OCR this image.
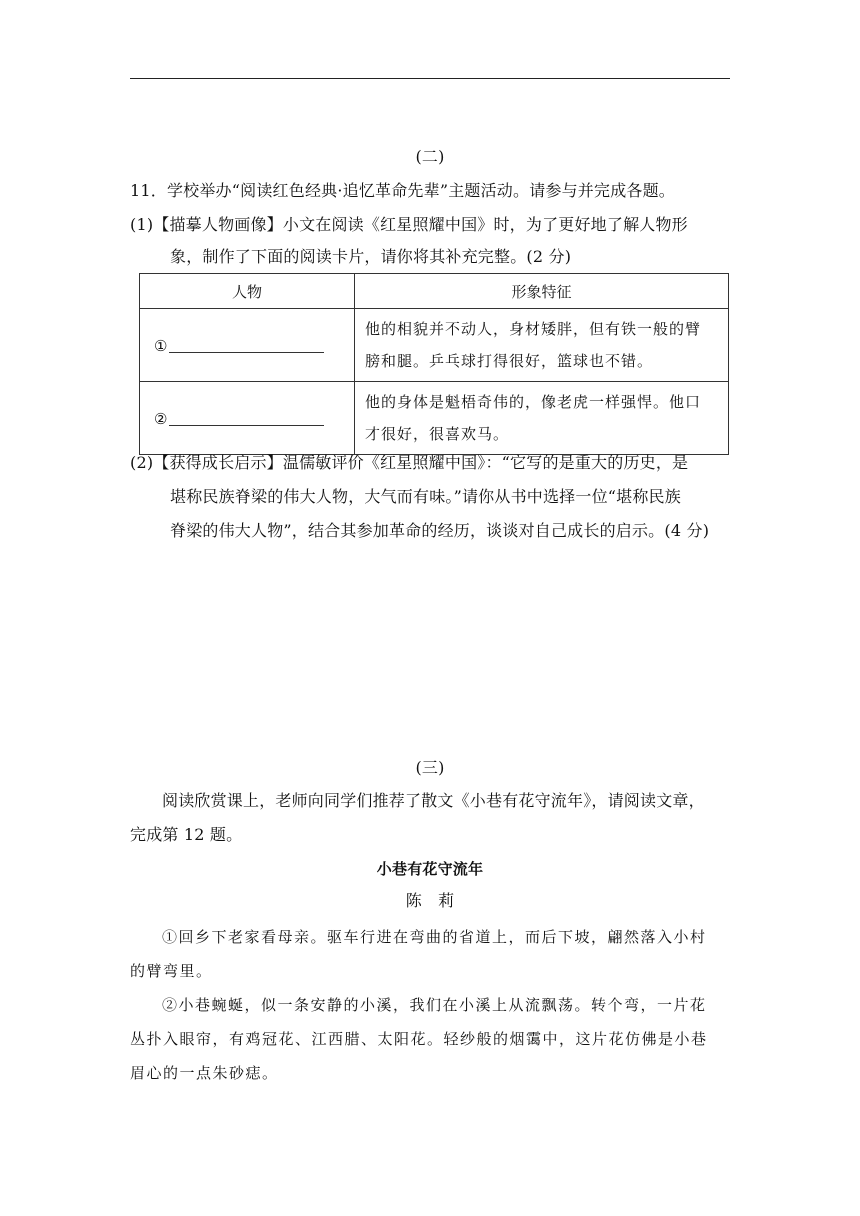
(二)
11．学校举办“阅读红色经典·追忆革命先辈”主题活动。请参与并完成各题。
(1)【描摹人物画像】小文在阅读《红星照耀中国》时，为了更好地了解人物形
象，制作了下面的阅读卡片，请你将其补充完整。(2 分)
人物	形象特征
①	他的相貌并不动人，身材矮胖，但有铁一般的臂
膀和腿。乒乓球打得很好，篮球也不错。

②	他的身体是魁梧奇伟的，像老虎一样强悍。他口
才很好，很喜欢马。
(2)【获得成长启示】温儒敏评价《红星照耀中国》：“它写的是重大的历史，是
堪称民族脊梁的伟大人物，大气而有味。”请你从书中选择一位“堪称民族
脊梁的伟大人物”，结合其参加革命的经历，谈谈对自己成长的启示。(4 分)
(三)
阅读欣赏课上，老师向同学们推荐了散文《小巷有花守流年》，请阅读文章，
完成第 12 题。
小巷有花守流年
陈　莉
①回乡下老家看母亲。驱车行进在弯曲的省道上，而后下坡，翩然落入小村
的臂弯里。
②小巷蜿蜒，似一条安静的小溪，我们在小溪上从流飘荡。转个弯，一片花
丛扑入眼帘，有鸡冠花、江西腊、太阳花。轻纱般的烟霭中，这片花仿佛是小巷
眉心的一点朱砂痣。
